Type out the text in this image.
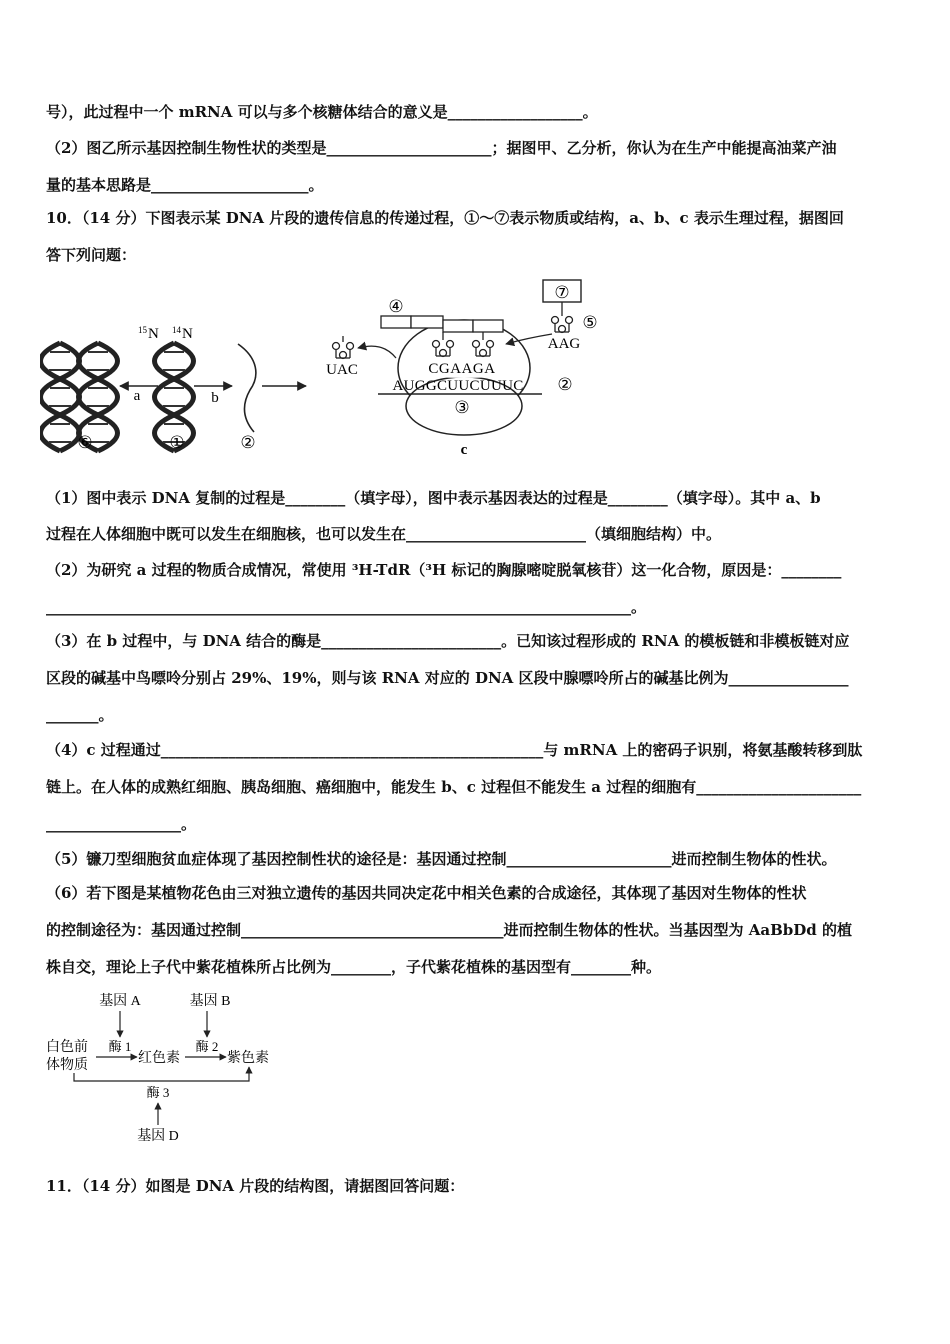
号），此过程中一个 mRNA 可以与多个核糖体结合的意义是__________________。
（2）图乙所示基因控制生物性状的类型是______________________；据图甲、乙分析，你认为在生产中能提高油菜产油
量的基本思路是_____________________。
10．（14 分）下图表示某 DNA 片段的遗传信息的传递过程，①～⑦表示物质或结构，a、b、c 表示生理过程，据图回
答下列问题：
15 N 14 N
a	b
⑥	①	②
③
c
④
UAC
⑦
⑤
AAG
CGAAGA
AUGGCUUCUUUC ②
（1）图中表示 DNA 复制的过程是________（填字母），图中表示基因表达的过程是________（填字母）。其中 a、b
过程在人体细胞中既可以发生在细胞核，也可以发生在________________________（填细胞结构）中。
（2）为研究 a 过程的物质合成情况，常使用 ³H-TdR（³H 标记的胸腺嘧啶脱氧核苷）这一化合物，原因是：________
______________________________________________________________________________。
（3）在 b 过程中，与 DNA 结合的酶是________________________。已知该过程形成的 RNA 的模板链和非模板链对应
区段的碱基中鸟嘌呤分别占 29%、19%，则与该 RNA 对应的 DNA 区段中腺嘌呤所占的碱基比例为________________
_______。
（4）c 过程通过___________________________________________________与 mRNA 上的密码子识别，将氨基酸转移到肽
链上。在人体的成熟红细胞、胰岛细胞、癌细胞中，能发生 b、c 过程但不能发生 a 过程的细胞有______________________
__________________。
（5）镰刀型细胞贫血症体现了基因控制性状的途径是：基因通过控制______________________进而控制生物体的性状。
（6）若下图是某植物花色由三对独立遗传的基因共同决定花中相关色素的合成途径，其体现了基因对生物体的性状
的控制途径为：基因通过控制___________________________________进而控制生物体的性状。当基因型为 AaBbDd 的植
株自交，理论上子代中紫花植株所占比例为________，子代紫花植株的基因型有________种。
基因 A	基因 B
白色前
体物质
酶 1
红色素
酶 2
紫色素
酶 3
基因 D
11．（14 分）如图是 DNA 片段的结构图，请据图回答问题：
